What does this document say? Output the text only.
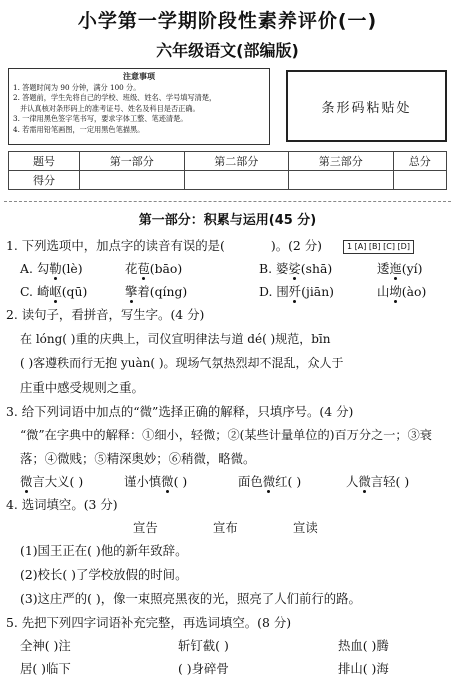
小学第一学期阶段性素养评价(一)
六年级语文(部编版)
注意事项
1. 答题时间为 90 分钟，满分 100 分。
2. 答题前，学生先将自己的学校、班级、姓名、学号填写清楚，
并认真核对条形码上的准考证号、姓名及科目是否正确。
3. 一律用黑色签字笔书写，要求字体工整、笔迹清楚。
4. 若需用铅笔画图，一定用黑色笔描黑。
条形码粘贴处
题号	第一部分	第二部分	第三部分	总分
得分				
第一部分：积累与运用(45 分)
1. 下列选项中，加点字的读音有误的是(	)。(2 分)	1 [A] [B] [C] [D]
A. 勾勒(lè)	花苞(bāo)	B. 婆娑(shā)	逶迤(yí)
C. 崎岖(qū)	擎着(qíng)	D. 围歼(jiān)	山坳(ào)
2. 读句子，看拼音，写生字。(4 分)
在 lóng( )重的庆典上，司仪宣明律法与道 dé( )规范，bīn
( )客遵秩而行无抱 yuàn( )。现场气氛热烈却不混乱，众人于
庄重中感受规则之重。
3. 给下列词语中加点的“微”选择正确的解释，只填序号。(4 分)
“微”在字典中的解释：①细小，轻微；②(某些计量单位的)百万分之一；③衰
落；④微贱；⑤精深奥妙；⑥稍微，略微。
微言大义( )	谨小慎微( )	面色微红( )	人微言轻( )
4. 选词填空。(3 分)
宣告	宣布	宣读
(1)国王正在( )他的新年致辞。
(2)校长( )了学校放假的时间。
(3)这庄严的( )，像一束照亮黑夜的光，照亮了人们前行的路。
5. 先把下列四字词语补充完整，再选词填空。(8 分)
全神( )注	斩钉截( )	热血( )腾
居( )临下	( )身碎骨	排山( )海
